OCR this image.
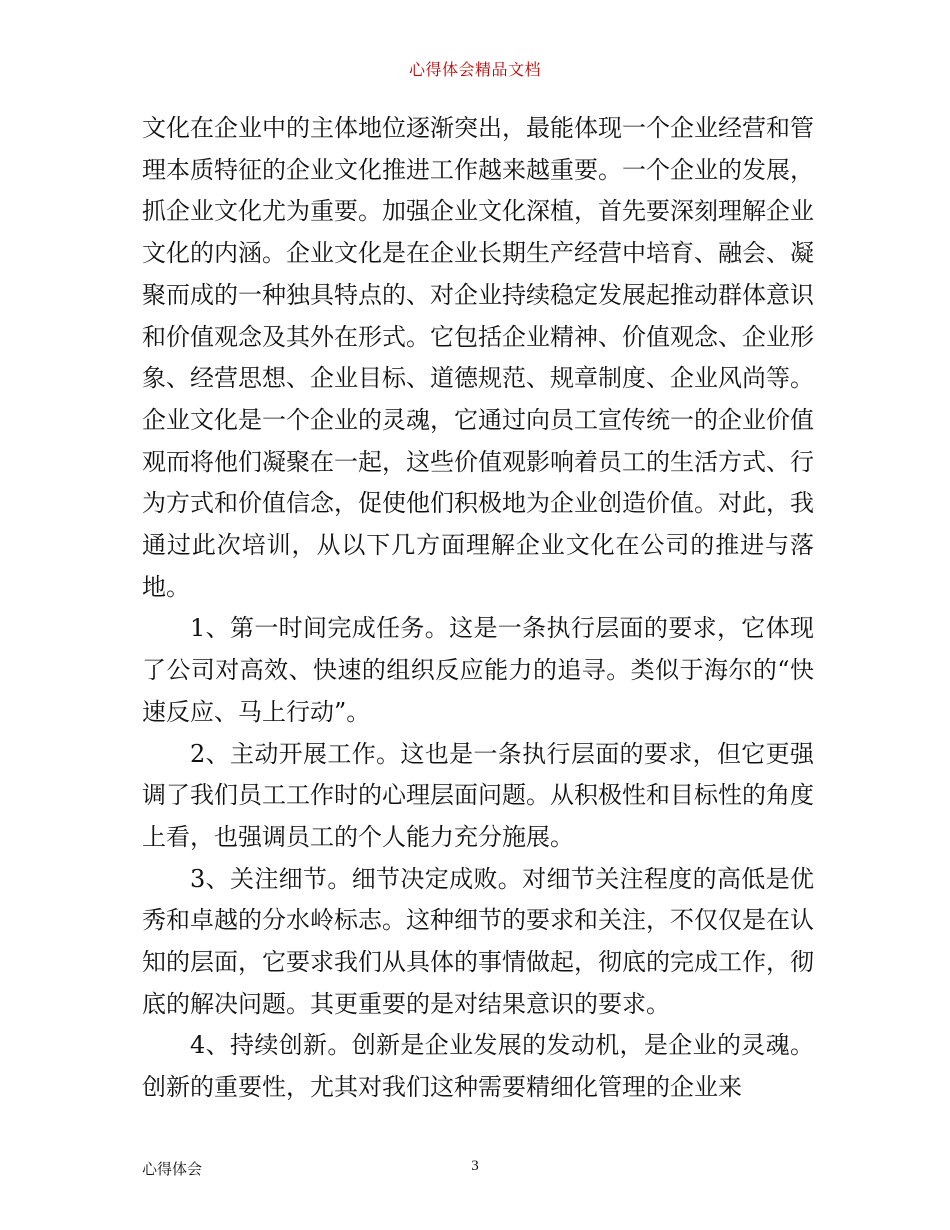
心得体会精品文档

文化在企业中的主体地位逐渐突出，最能体现一个企业经营和管理本质特征的企业文化推进工作越来越重要。一个企业的发展，抓企业文化尤为重要。加强企业文化深植，首先要深刻理解企业文化的内涵。企业文化是在企业长期生产经营中培育、融会、凝聚而成的一种独具特点的、对企业持续稳定发展起推动群体意识和价值观念及其外在形式。它包括企业精神、价值观念、企业形象、经营思想、企业目标、道德规范、规章制度、企业风尚等。企业文化是一个企业的灵魂，它通过向员工宣传统一的企业价值观而将他们凝聚在一起，这些价值观影响着员工的生活方式、行为方式和价值信念，促使他们积极地为企业创造价值。对此，我通过此次培训，从以下几方面理解企业文化在公司的推进与落地。

1、第一时间完成任务。这是一条执行层面的要求，它体现了公司对高效、快速的组织反应能力的追寻。类似于海尔的“快速反应、马上行动”。

2、主动开展工作。这也是一条执行层面的要求，但它更强调了我们员工工作时的心理层面问题。从积极性和目标性的角度上看，也强调员工的个人能力充分施展。

3、关注细节。细节决定成败。对细节关注程度的高低是优秀和卓越的分水岭标志。这种细节的要求和关注，不仅仅是在认知的层面，它要求我们从具体的事情做起，彻底的完成工作，彻底的解决问题。其更重要的是对结果意识的要求。

4、持续创新。创新是企业发展的发动机，是企业的灵魂。创新的重要性，尤其对我们这种需要精细化管理的企业来

心得体会	3
